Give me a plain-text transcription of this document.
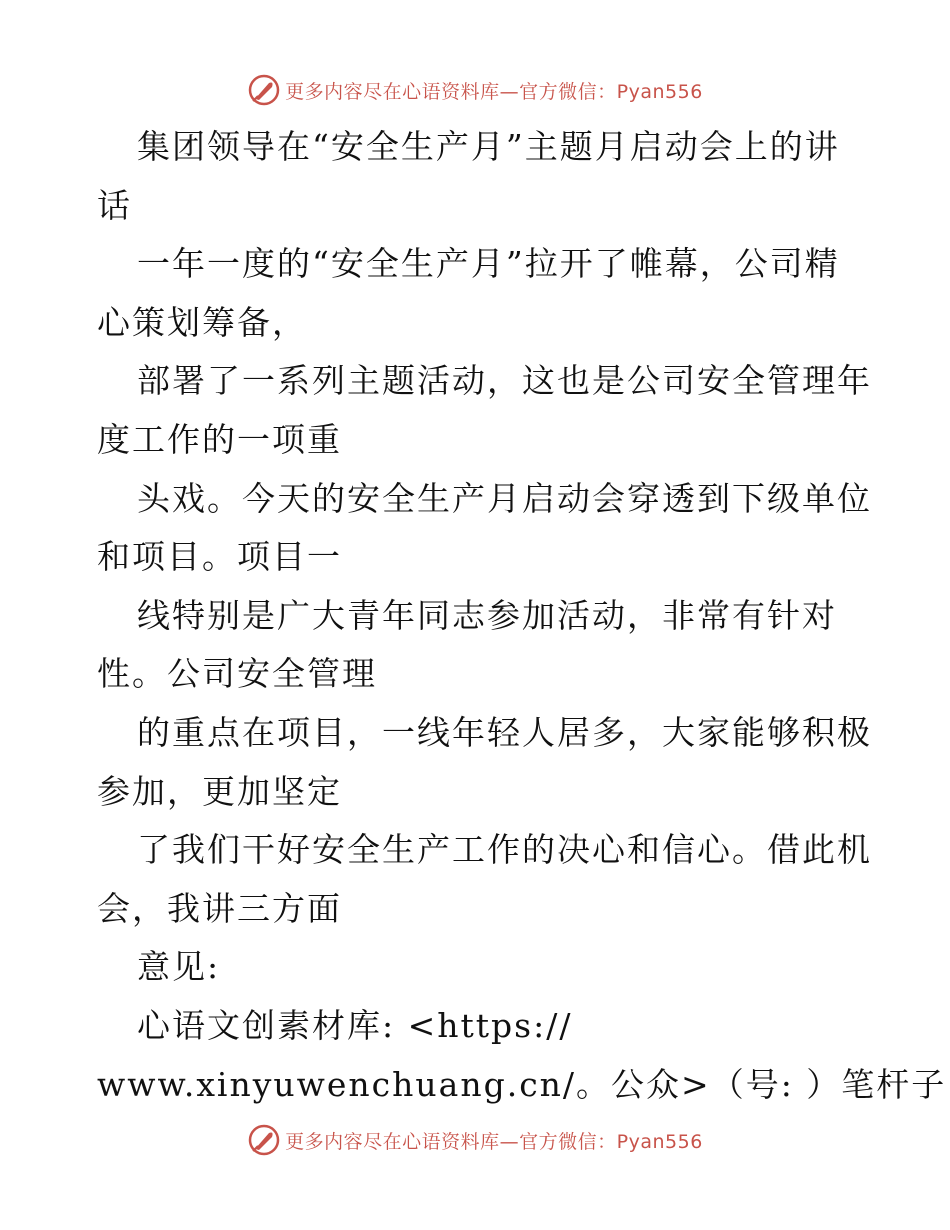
更多内容尽在心语资料库—官方微信：Pyan556
集团领导在“安全生产月”主题月启动会上的讲
话
一年一度的“安全生产月”拉开了帷幕，公司精
心策划筹备，
部署了一系列主题活动，这也是公司安全管理年
度工作的一项重
头戏。今天的安全生产月启动会穿透到下级单位
和项目。项目一
线特别是广大青年同志参加活动，非常有针对
性。公司安全管理
的重点在项目，一线年轻人居多，大家能够积极
参加，更加坚定
了我们干好安全生产工作的决心和信心。借此机
会，我讲三方面
意见:
心语文创素材库: <https://
www.xinyuwenchuang.cn/。公众>（号: ）笔杆子
更多内容尽在心语资料库—官方微信：Pyan556
